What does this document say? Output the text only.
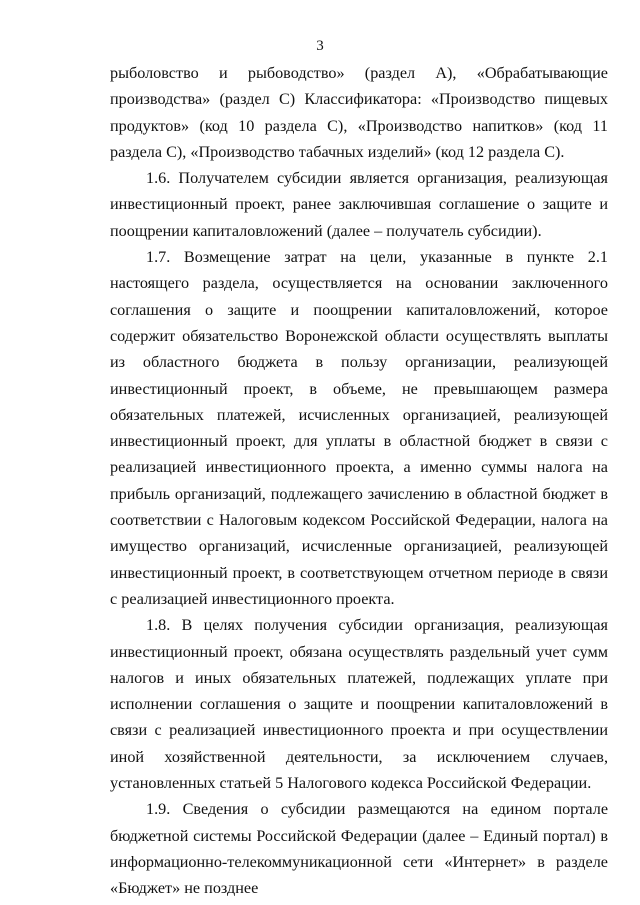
3

рыболовство и рыбоводство» (раздел А), «Обрабатывающие производства» (раздел С) Классификатора: «Производство пищевых продуктов» (код 10 раздела С), «Производство напитков» (код 11 раздела С), «Производство табачных изделий» (код 12 раздела С).

1.6. Получателем субсидии является организация, реализующая инвестиционный проект, ранее заключившая соглашение о защите и поощрении капиталовложений (далее – получатель субсидии).

1.7. Возмещение затрат на цели, указанные в пункте 2.1 настоящего раздела, осуществляется на основании заключенного соглашения о защите и поощрении капиталовложений, которое содержит обязательство Воронежской области осуществлять выплаты из областного бюджета в пользу организации, реализующей инвестиционный проект, в объеме, не превышающем размера обязательных платежей, исчисленных организацией, реализующей инвестиционный проект, для уплаты в областной бюджет в связи с реализацией инвестиционного проекта, а именно суммы налога на прибыль организаций, подлежащего зачислению в областной бюджет в соответствии с Налоговым кодексом Российской Федерации, налога на имущество организаций, исчисленные организацией, реализующей инвестиционный проект, в соответствующем отчетном периоде в связи с реализацией инвестиционного проекта.

1.8. В целях получения субсидии организация, реализующая инвестиционный проект, обязана осуществлять раздельный учет сумм налогов и иных обязательных платежей, подлежащих уплате при исполнении соглашения о защите и поощрении капиталовложений в связи с реализацией инвестиционного проекта и при осуществлении иной хозяйственной деятельности, за исключением случаев, установленных статьей 5 Налогового кодекса Российской Федерации.

1.9. Сведения о субсидии размещаются на едином портале бюджетной системы Российской Федерации (далее – Единый портал) в информационно-телекоммуникационной сети «Интернет» в разделе «Бюджет» не позднее
